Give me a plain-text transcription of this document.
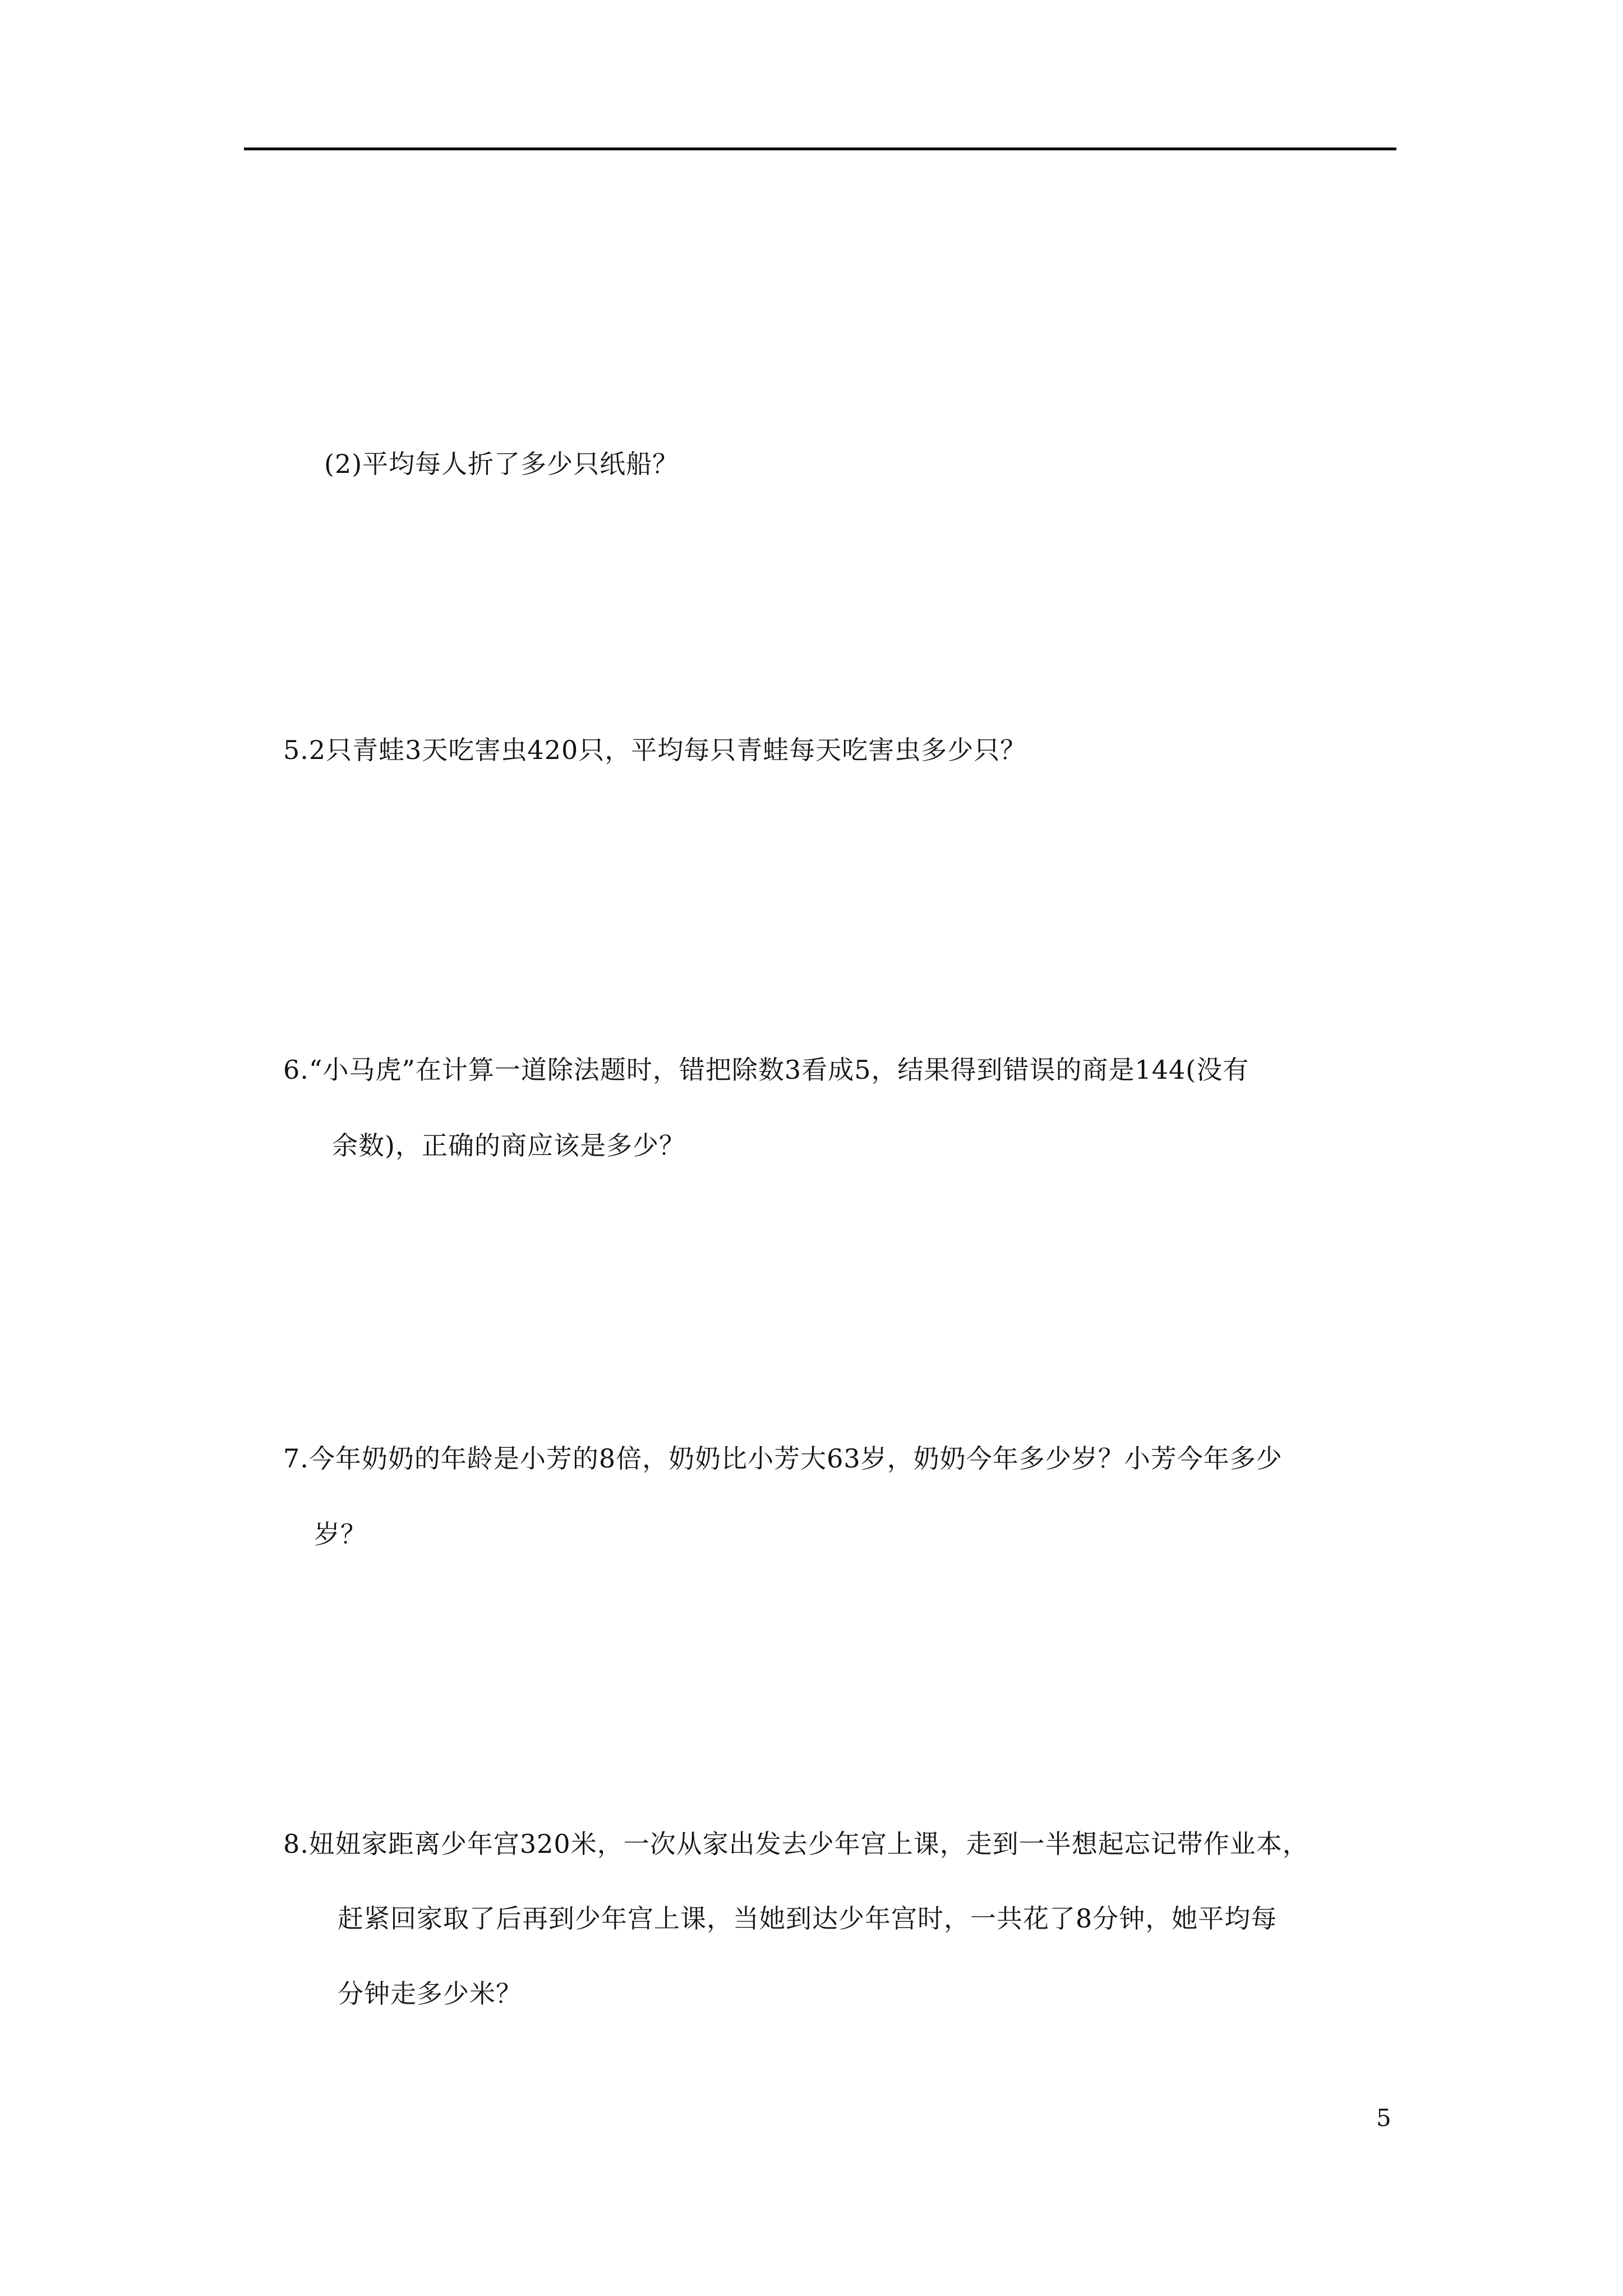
(2)平均每人折了多少只纸船？
5.2只青蛙3天吃害虫420只，平均每只青蛙每天吃害虫多少只？
6.“小马虎”在计算一道除法题时，错把除数3看成5，结果得到错误的商是144(没有
余数)，正确的商应该是多少？
7.今年奶奶的年龄是小芳的8倍，奶奶比小芳大63岁，奶奶今年多少岁？小芳今年多少
岁？
8.妞妞家距离少年宫320米，一次从家出发去少年宫上课，走到一半想起忘记带作业本，
赶紧回家取了后再到少年宫上课，当她到达少年宫时，一共花了8分钟，她平均每
分钟走多少米？
5
